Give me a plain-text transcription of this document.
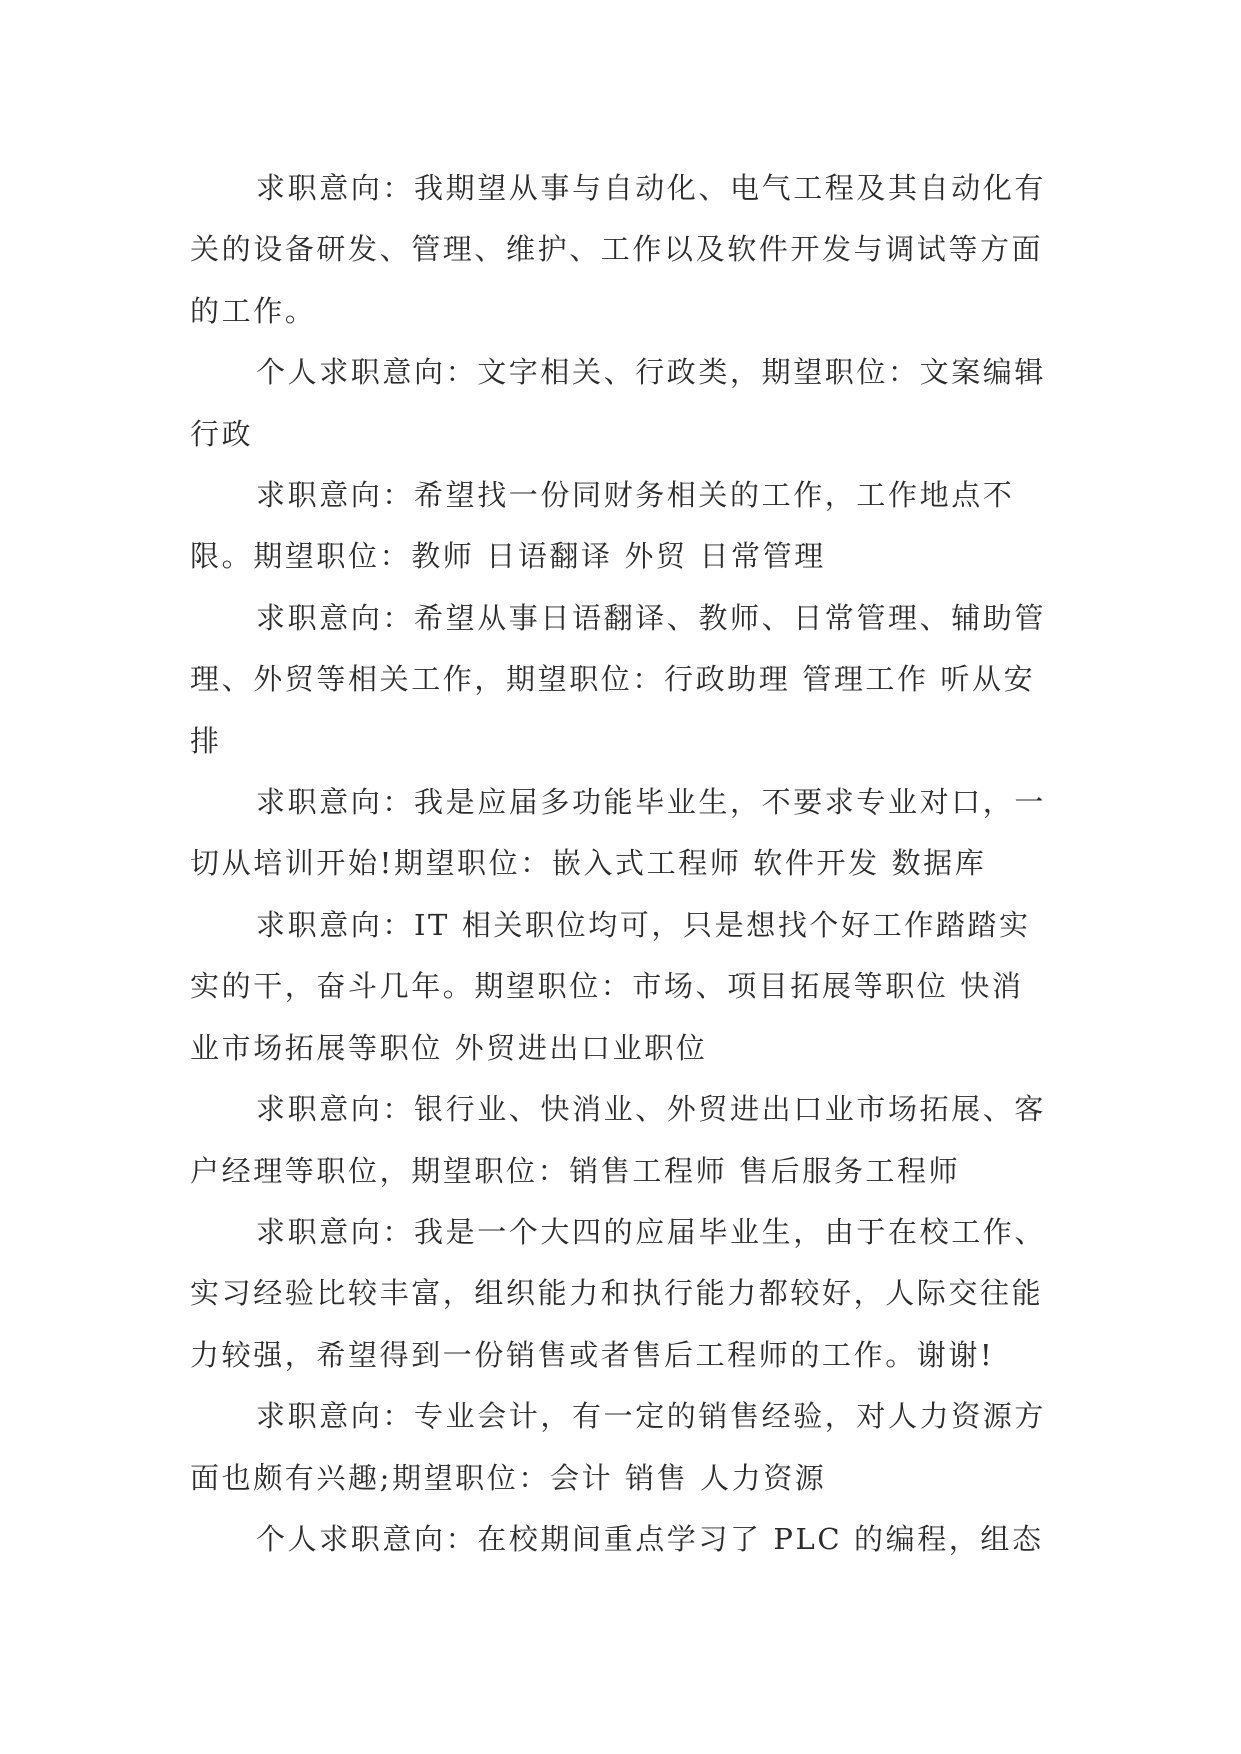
求职意向：我期望从事与自动化、电气工程及其自动化有关的设备研发、管理、维护、工作以及软件开发与调试等方面的工作。

个人求职意向：文字相关、行政类，期望职位：文案编辑 行政

求职意向：希望找一份同财务相关的工作，工作地点不限。期望职位：教师 日语翻译 外贸 日常管理

求职意向：希望从事日语翻译、教师、日常管理、辅助管理、外贸等相关工作，期望职位：行政助理 管理工作 听从安排

求职意向：我是应届多功能毕业生，不要求专业对口，一切从培训开始!期望职位：嵌入式工程师 软件开发 数据库

求职意向：IT 相关职位均可，只是想找个好工作踏踏实实的干，奋斗几年。期望职位：市场、项目拓展等职位 快消业市场拓展等职位 外贸进出口业职位

求职意向：银行业、快消业、外贸进出口业市场拓展、客户经理等职位，期望职位：销售工程师 售后服务工程师

求职意向：我是一个大四的应届毕业生，由于在校工作、实习经验比较丰富，组织能力和执行能力都较好，人际交往能力较强，希望得到一份销售或者售后工程师的工作。谢谢!

求职意向：专业会计，有一定的销售经验，对人力资源方面也颇有兴趣;期望职位：会计 销售 人力资源

个人求职意向：在校期间重点学习了 PLC 的编程，组态
